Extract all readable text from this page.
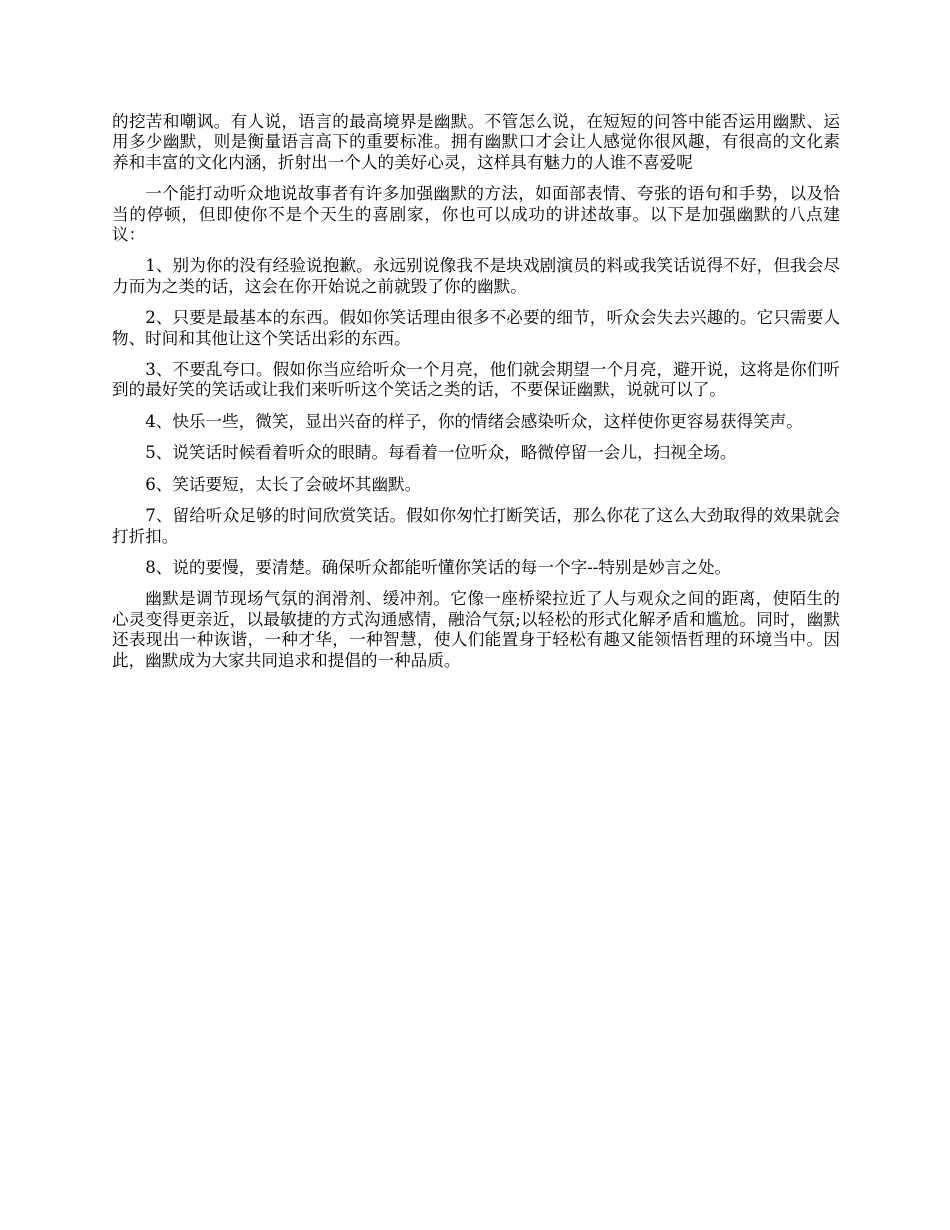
的挖苦和嘲讽。有人说，语言的最高境界是幽默。不管怎么说，在短短的问答中能否运用幽默、运用多少幽默，则是衡量语言高下的重要标准。拥有幽默口才会让人感觉你很风趣，有很高的文化素养和丰富的文化内涵，折射出一个人的美好心灵，这样具有魅力的人谁不喜爱呢

一个能打动听众地说故事者有许多加强幽默的方法，如面部表情、夸张的语句和手势，以及恰当的停顿，但即使你不是个天生的喜剧家，你也可以成功的讲述故事。以下是加强幽默的八点建议：

1、别为你的没有经验说抱歉。永远别说像我不是块戏剧演员的料或我笑话说得不好，但我会尽力而为之类的话，这会在你开始说之前就毁了你的幽默。

2、只要是最基本的东西。假如你笑话理由很多不必要的细节，听众会失去兴趣的。它只需要人物、时间和其他让这个笑话出彩的东西。

3、不要乱夸口。假如你当应给听众一个月亮，他们就会期望一个月亮，避开说，这将是你们听到的最好笑的笑话或让我们来听听这个笑话之类的话，不要保证幽默，说就可以了。

4、快乐一些，微笑，显出兴奋的样子，你的情绪会感染听众，这样使你更容易获得笑声。

5、说笑话时候看着听众的眼睛。每看着一位听众，略微停留一会儿，扫视全场。

6、笑话要短，太长了会破坏其幽默。

7、留给听众足够的时间欣赏笑话。假如你匆忙打断笑话，那么你花了这么大劲取得的效果就会打折扣。

8、说的要慢，要清楚。确保听众都能听懂你笑话的每一个字--特别是妙言之处。

幽默是调节现场气氛的润滑剂、缓冲剂。它像一座桥梁拉近了人与观众之间的距离，使陌生的心灵变得更亲近，以最敏捷的方式沟通感情，融洽气氛;以轻松的形式化解矛盾和尴尬。同时，幽默还表现出一种诙谐，一种才华，一种智慧，使人们能置身于轻松有趣又能领悟哲理的环境当中。因此，幽默成为大家共同追求和提倡的一种品质。
